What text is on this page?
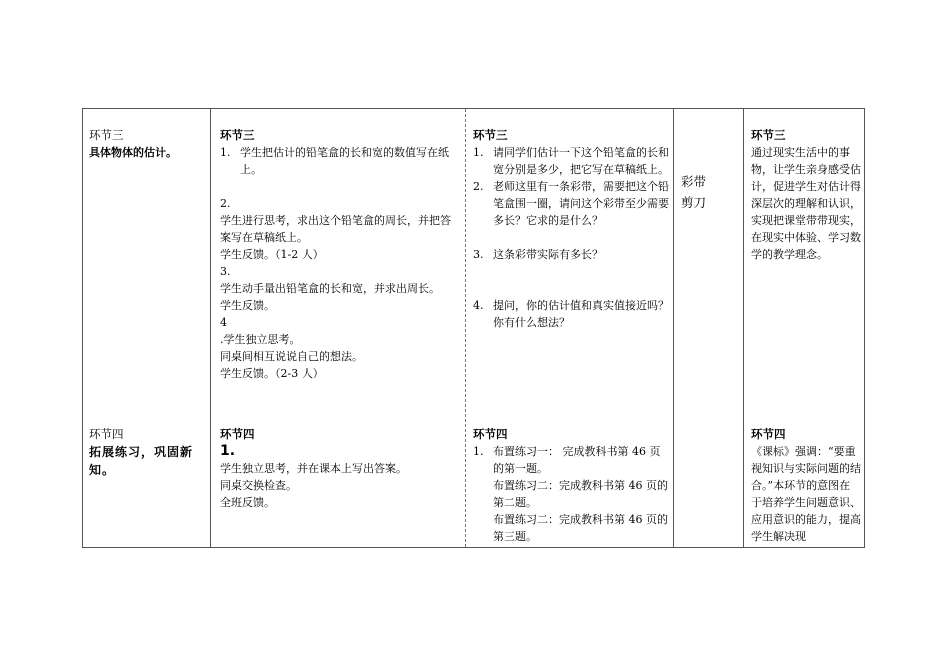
环节三

具体物体的估计。

环节三

1. 学生把估计的铅笔盒的长和宽的数值写在纸上。

2.

学生进行思考，求出这个铅笔盒的周长，并把答案写在草稿纸上。

学生反馈。（1-2 人）

3.

学生动手量出铅笔盒的长和宽，并求出周长。

学生反馈。

4

.学生独立思考。

同桌间相互说说自己的想法。

学生反馈。（2-3 人）

环节三

1. 请同学们估计一下这个铅笔盒的长和宽分别是多少，把它写在草稿纸上。
2. 老师这里有一条彩带，需要把这个铅笔盒围一圈，请问这个彩带至少需要多长？它求的是什么？
3. 这条彩带实际有多长？
4. 提问，你的估计值和真实值接近吗？你有什么想法？

彩带

剪刀

环节三

通过现实生活中的事物，让学生亲身感受估计，促进学生对估计得深层次的理解和认识，实现把课堂带带现实，在现实中体验、学习数学的教学理念。

环节四

拓展练习，巩固新知。

环节四

1.

学生独立思考，并在课本上写出答案。

同桌交换检查。

全班反馈。

环节四

1. 布置练习一： 完成教科书第 46 页的第一题。
布置练习二：完成教科书第 46 页的第二题。
布置练习二：完成教科书第 46 页的第三题。

环节四

《课标》强调：“要重视知识与实际问题的结合。”本环节的意图在于培养学生问题意识、应用意识的能力，提高学生解决现
